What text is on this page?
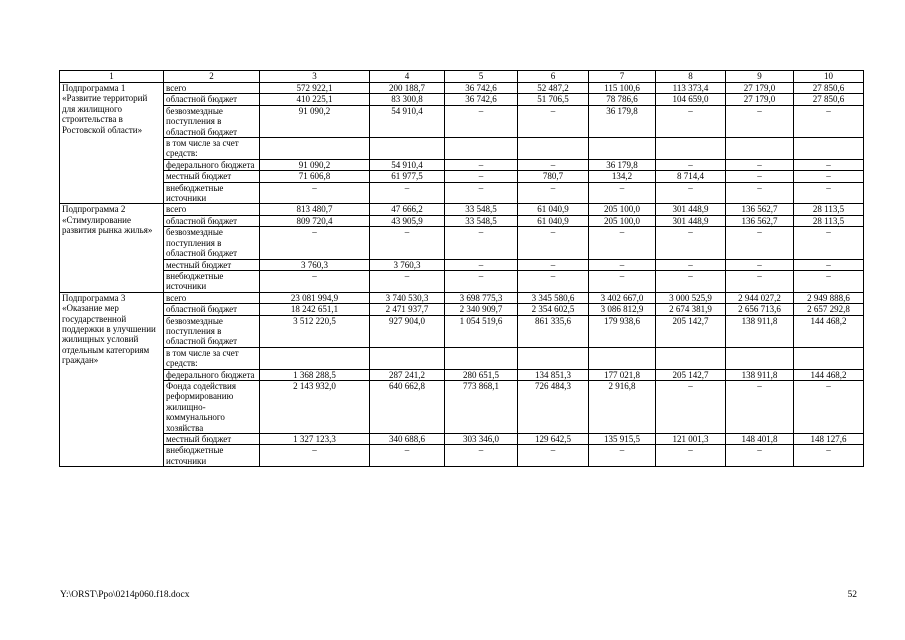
1	2	3	4	5	6	7	8	9	10
Подпрограмма 1 «Развитие территорий для жилищного строительства в Ростовской области»	всего	572 922,1	200 188,7	36 742,6	52 487,2	115 100,6	113 373,4	27 179,0	27 850,6
	областной бюджет	410 225,1	83 300,8	36 742,6	51 706,5	78 786,6	104 659,0	27 179,0	27 850,6
	безвозмездные поступления в областной бюджет	91 090,2	54 910,4	–	–	36 179,8	–	–	–
	в том числе за счет средств:								
	федерального бюджета	91 090,2	54 910,4	–	–	36 179,8	–	–	–
	местный бюджет	71 606,8	61 977,5	–	780,7	134,2	8 714,4	–	–
	внебюджетные источники	–	–	–	–	–	–	–	–
Подпрограмма 2 «Стимулирование развития рынка жилья»	всего	813 480,7	47 666,2	33 548,5	61 040,9	205 100,0	301 448,9	136 562,7	28 113,5
	областной бюджет	809 720,4	43 905,9	33 548,5	61 040,9	205 100,0	301 448,9	136 562,7	28 113,5
	безвозмездные поступления в областной бюджет	–	–	–	–	–	–	–	–
	местный бюджет	3 760,3	3 760,3	–	–	–	–	–	–
	внебюджетные источники	–	–	–	–	–	–	–	–
Подпрограмма 3 «Оказание мер государственной поддержки в улучшении жилищных условий отдельным категориям граждан»	всего	23 081 994,9	3 740 530,3	3 698 775,3	3 345 580,6	3 402 667,0	3 000 525,9	2 944 027,2	2 949 888,6
	областной бюджет	18 242 651,1	2 471 937,7	2 340 909,7	2 354 602,5	3 086 812,9	2 674 381,9	2 656 713,6	2 657 292,8
	безвозмездные поступления в областной бюджет	3 512 220,5	927 904,0	1 054 519,6	861 335,6	179 938,6	205 142,7	138 911,8	144 468,2
	в том числе за счет средств:								
	федерального бюджета	1 368 288,5	287 241,2	280 651,5	134 851,3	177 021,8	205 142,7	138 911,8	144 468,2
	Фонда содействия реформированию жилищно-коммунального хозяйства	2 143 932,0	640 662,8	773 868,1	726 484,3	2 916,8	–	–	–
	местный бюджет	1 327 123,3	340 688,6	303 346,0	129 642,5	135 915,5	121 001,3	148 401,8	148 127,6
	внебюджетные источники	–	–	–	–	–	–	–	–
Y:\ORST\Ppo\0214p060.f18.docx	52
